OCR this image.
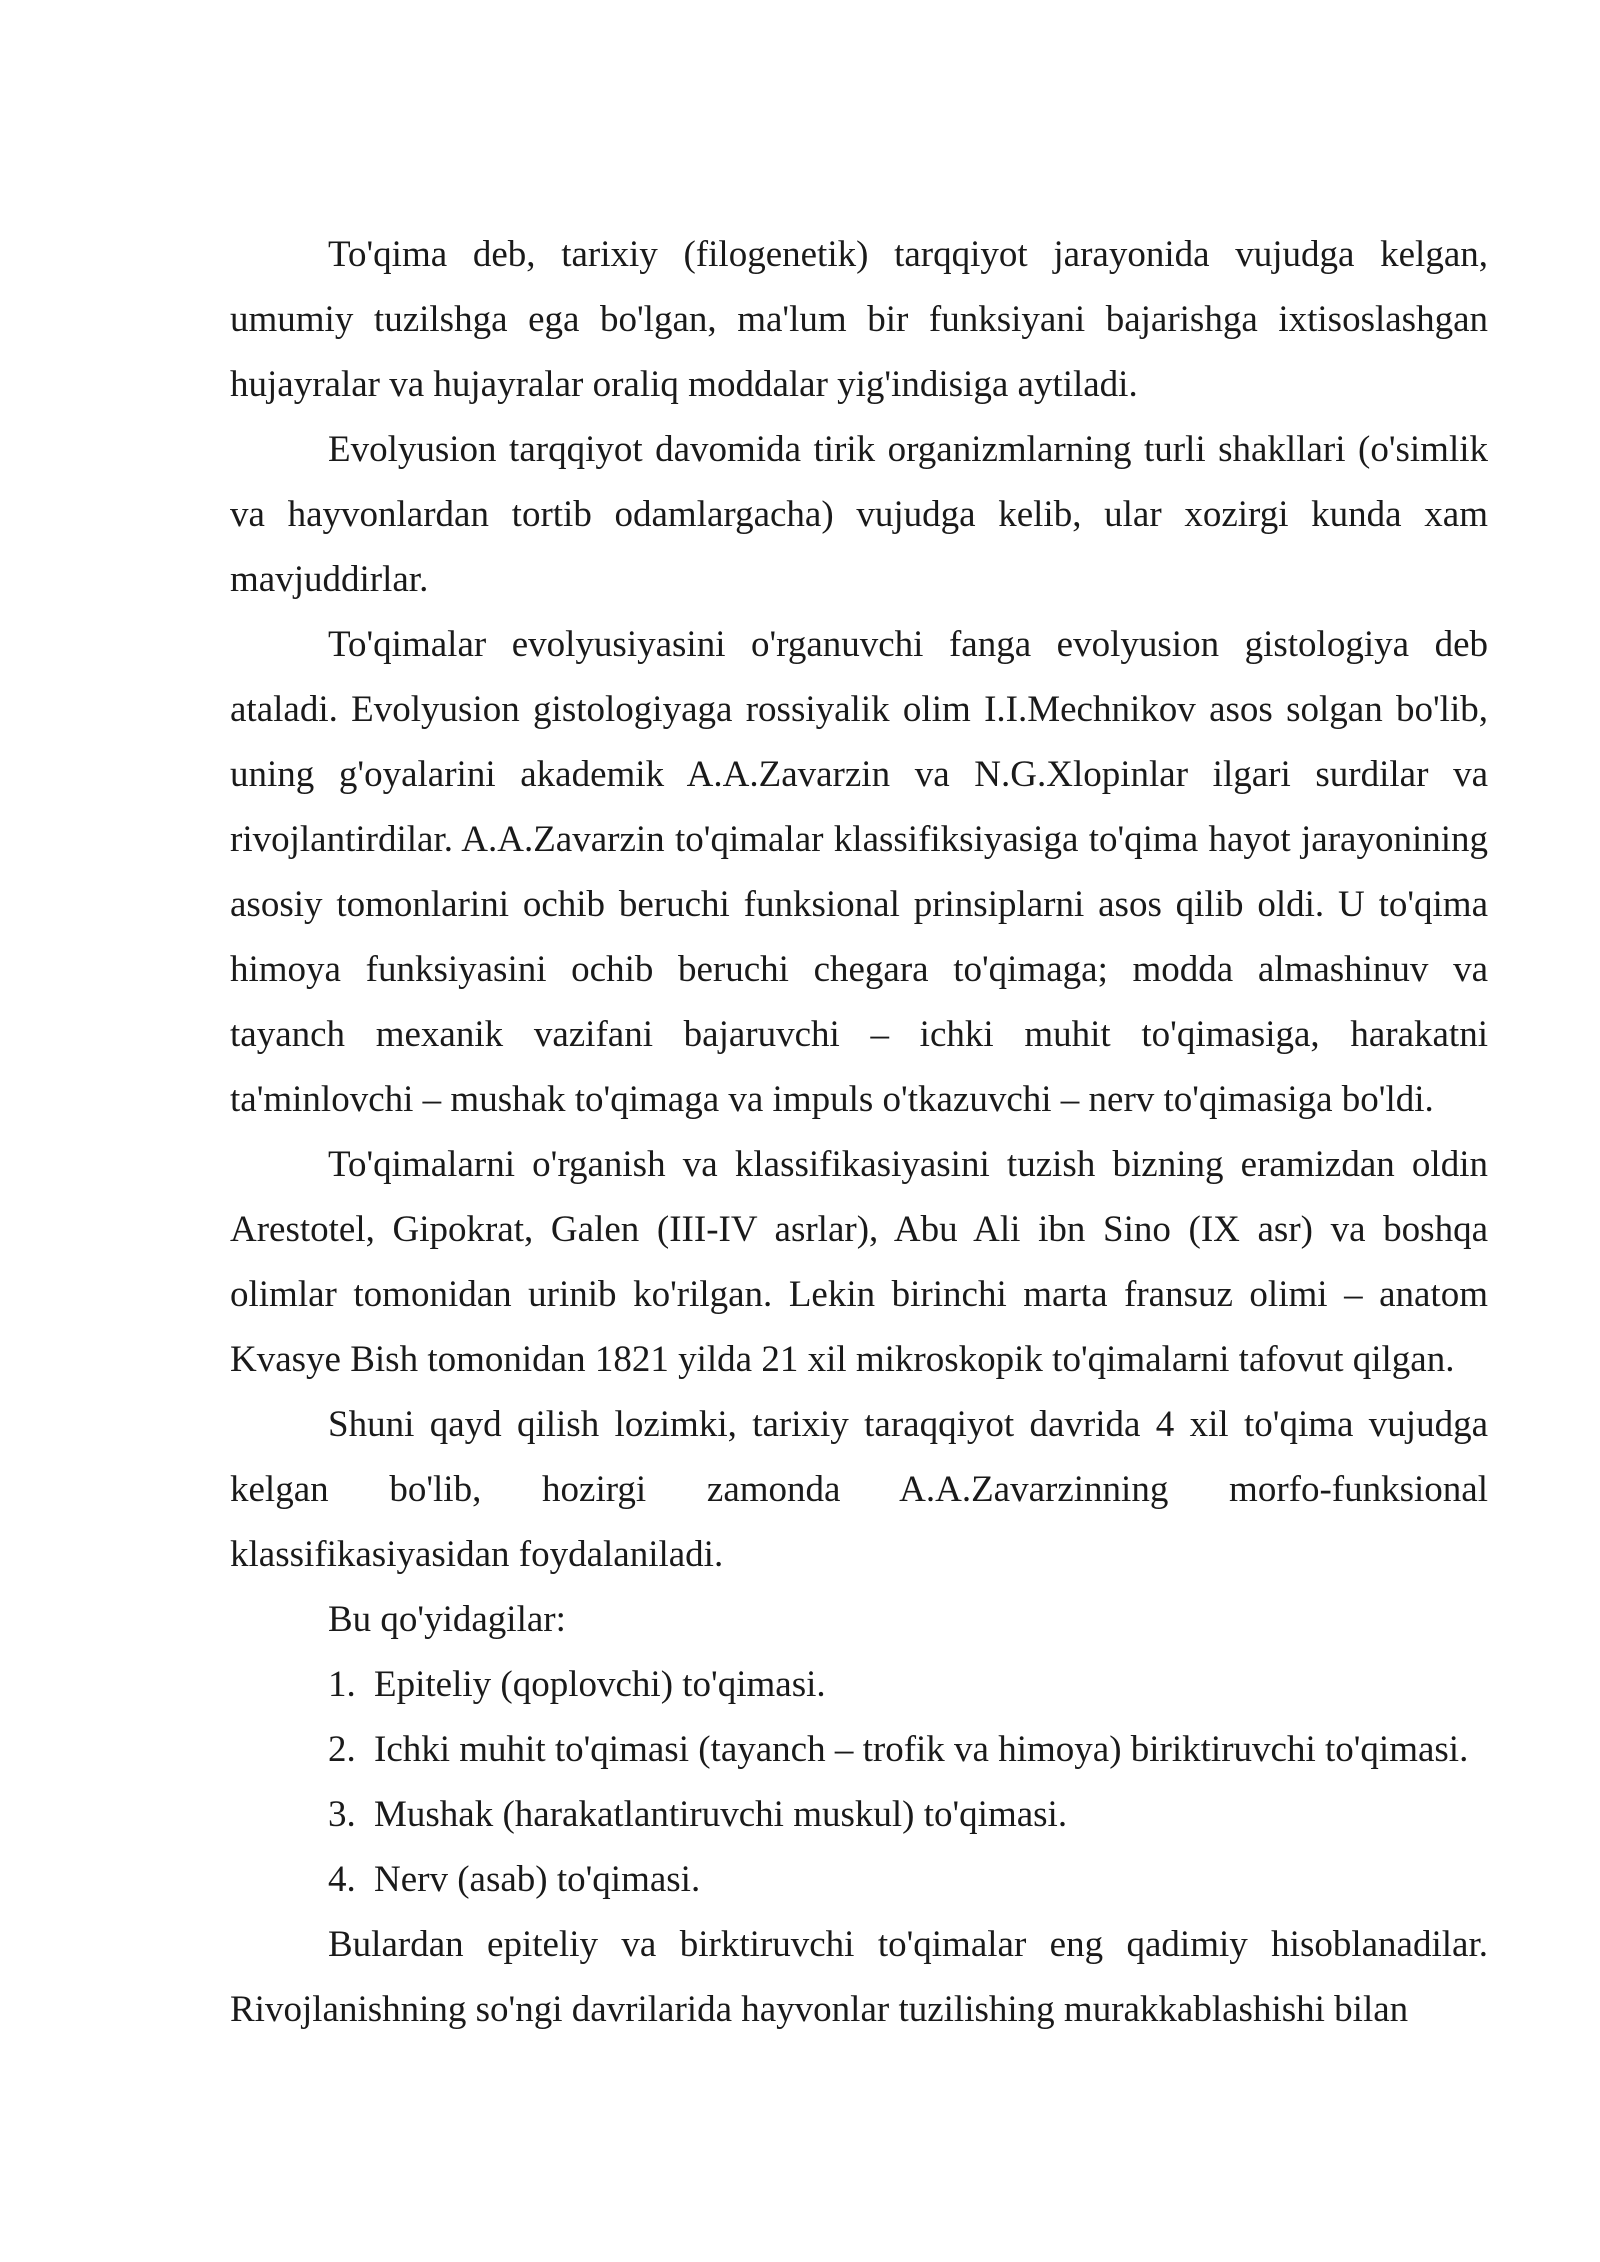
To'qima deb, tarixiy (filogenetik) tarqqiyot jarayonida vujudga kelgan, umumiy tuzilshga ega bo'lgan, ma'lum bir funksiyani bajarishga ixtisoslashgan hujayralar va hujayralar oraliq moddalar yig'indisiga aytiladi.

Evolyusion tarqqiyot davomida tirik organizmlarning turli shakllari (o'simlik va hayvonlardan tortib odamlargacha) vujudga kelib, ular xozirgi kunda xam mavjuddirlar.

To'qimalar evolyusiyasini o'rganuvchi fanga evolyusion gistologiya deb ataladi. Evolyusion gistologiyaga rossiyalik olim I.I.Mechnikov asos solgan bo'lib, uning g'oyalarini akademik A.A.Zavarzin va N.G.Xlopinlar ilgari surdilar va rivojlantirdilar. A.A.Zavarzin to'qimalar klassifiksiyasiga to'qima hayot jarayonining asosiy tomonlarini ochib beruchi funksional prinsiplarni asos qilib oldi. U to'qima himoya funksiyasini ochib beruchi chegara to'qimaga; modda almashinuv va tayanch mexanik vazifani bajaruvchi – ichki muhit to'qimasiga, harakatni ta'minlovchi – mushak to'qimaga va impuls o'tkazuvchi – nerv to'qimasiga bo'ldi.

To'qimalarni o'rganish va klassifikasiyasini tuzish bizning eramizdan oldin Arestotel, Gipokrat, Galen (III-IV asrlar), Abu Ali ibn Sino (IX asr) va boshqa olimlar tomonidan urinib ko'rilgan. Lekin birinchi marta fransuz olimi – anatom Kvasye Bish tomonidan 1821 yilda 21 xil mikroskopik to'qimalarni tafovut qilgan.

Shuni qayd qilish lozimki, tarixiy taraqqiyot davrida 4 xil to'qima vujudga kelgan bo'lib, hozirgi zamonda A.A.Zavarzinning morfo-funksional klassifikasiyasidan foydalaniladi.

Bu qo'yidagilar:

1. Epiteliy (qoplovchi) to'qimasi.
2. Ichki muhit to'qimasi (tayanch – trofik va himoya) biriktiruvchi to'qimasi.
3. Mushak (harakatlantiruvchi muskul) to'qimasi.
4. Nerv (asab) to'qimasi.

Bulardan epiteliy va birktiruvchi to'qimalar eng qadimiy hisoblanadilar. Rivojlanishning so'ngi davrilarida hayvonlar tuzilishing murakkablashishi bilan
